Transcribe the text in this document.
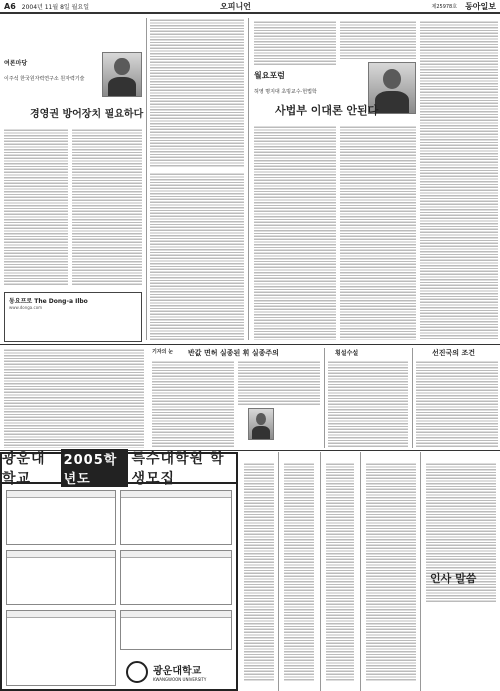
A6 2004년 11월 8일 월요일	오피니언	제25978호 동아일보
여론마당
이주석 한국원자력연구소 원자력기술
경영권 방어장치 필요하다
월요포럼
허영 명지대 초빙교수·헌법학
사법부 이대론 안된다
동요프로 The Dong-a Ilbo
www.donga.com
기자의 눈 반값 면허 실종된 휘 실종주의	횡설수설	선진국의 조건
광운대학교
2005학년도
특수대학원 학생모집
광운대학교
KWANGWOON UNIVERSITY
인사 말씀
